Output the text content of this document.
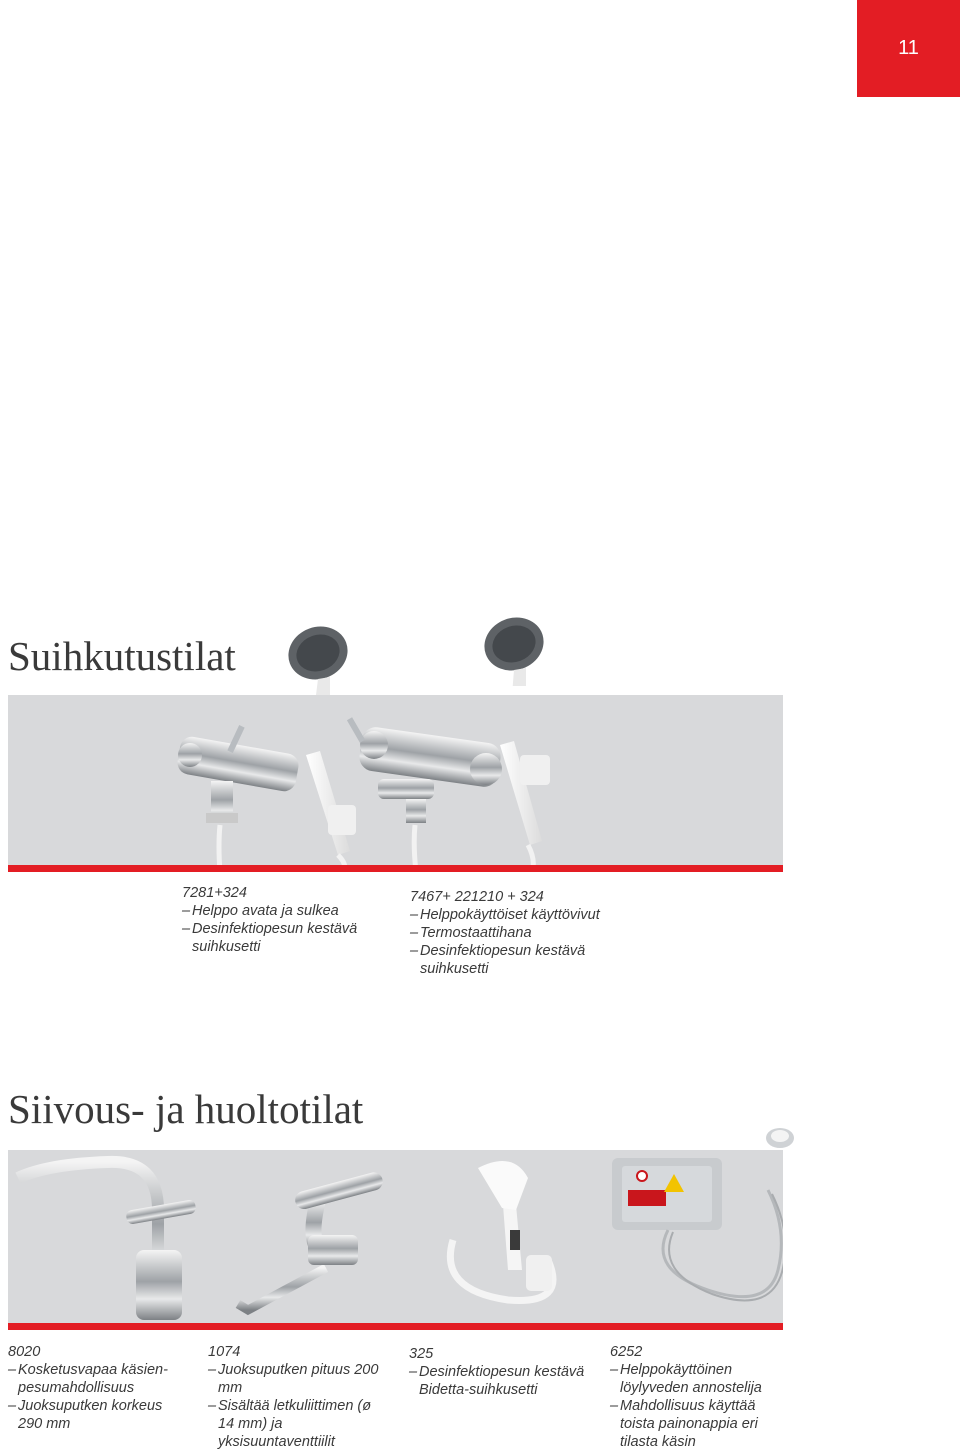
11
Suihkutustilat
7281+324
– Helppo avata ja sulkea
– Desinfektiopesun kestävä suihkusetti
7467+ 221210 + 324
– Helppokäyttöiset käyttövivut
– Termostaattihana
– Desinfektiopesun kestävä suihkusetti
Siivous- ja huoltotilat
8020
– Kosketusvapaa käsien-pesumahdollisuus
– Juoksuputken korkeus 290 mm
1074
– Juoksuputken pituus 200 mm
– Sisältää letkuliittimen (ø 14 mm) ja yksisuuntaventtiilit
325
– Desinfektiopesun kestävä Bidetta-suihkusetti
6252
– Helppokäyttöinen löylyveden annostelija
– Mahdollisuus käyttää toista painonappia eri tilasta käsin
